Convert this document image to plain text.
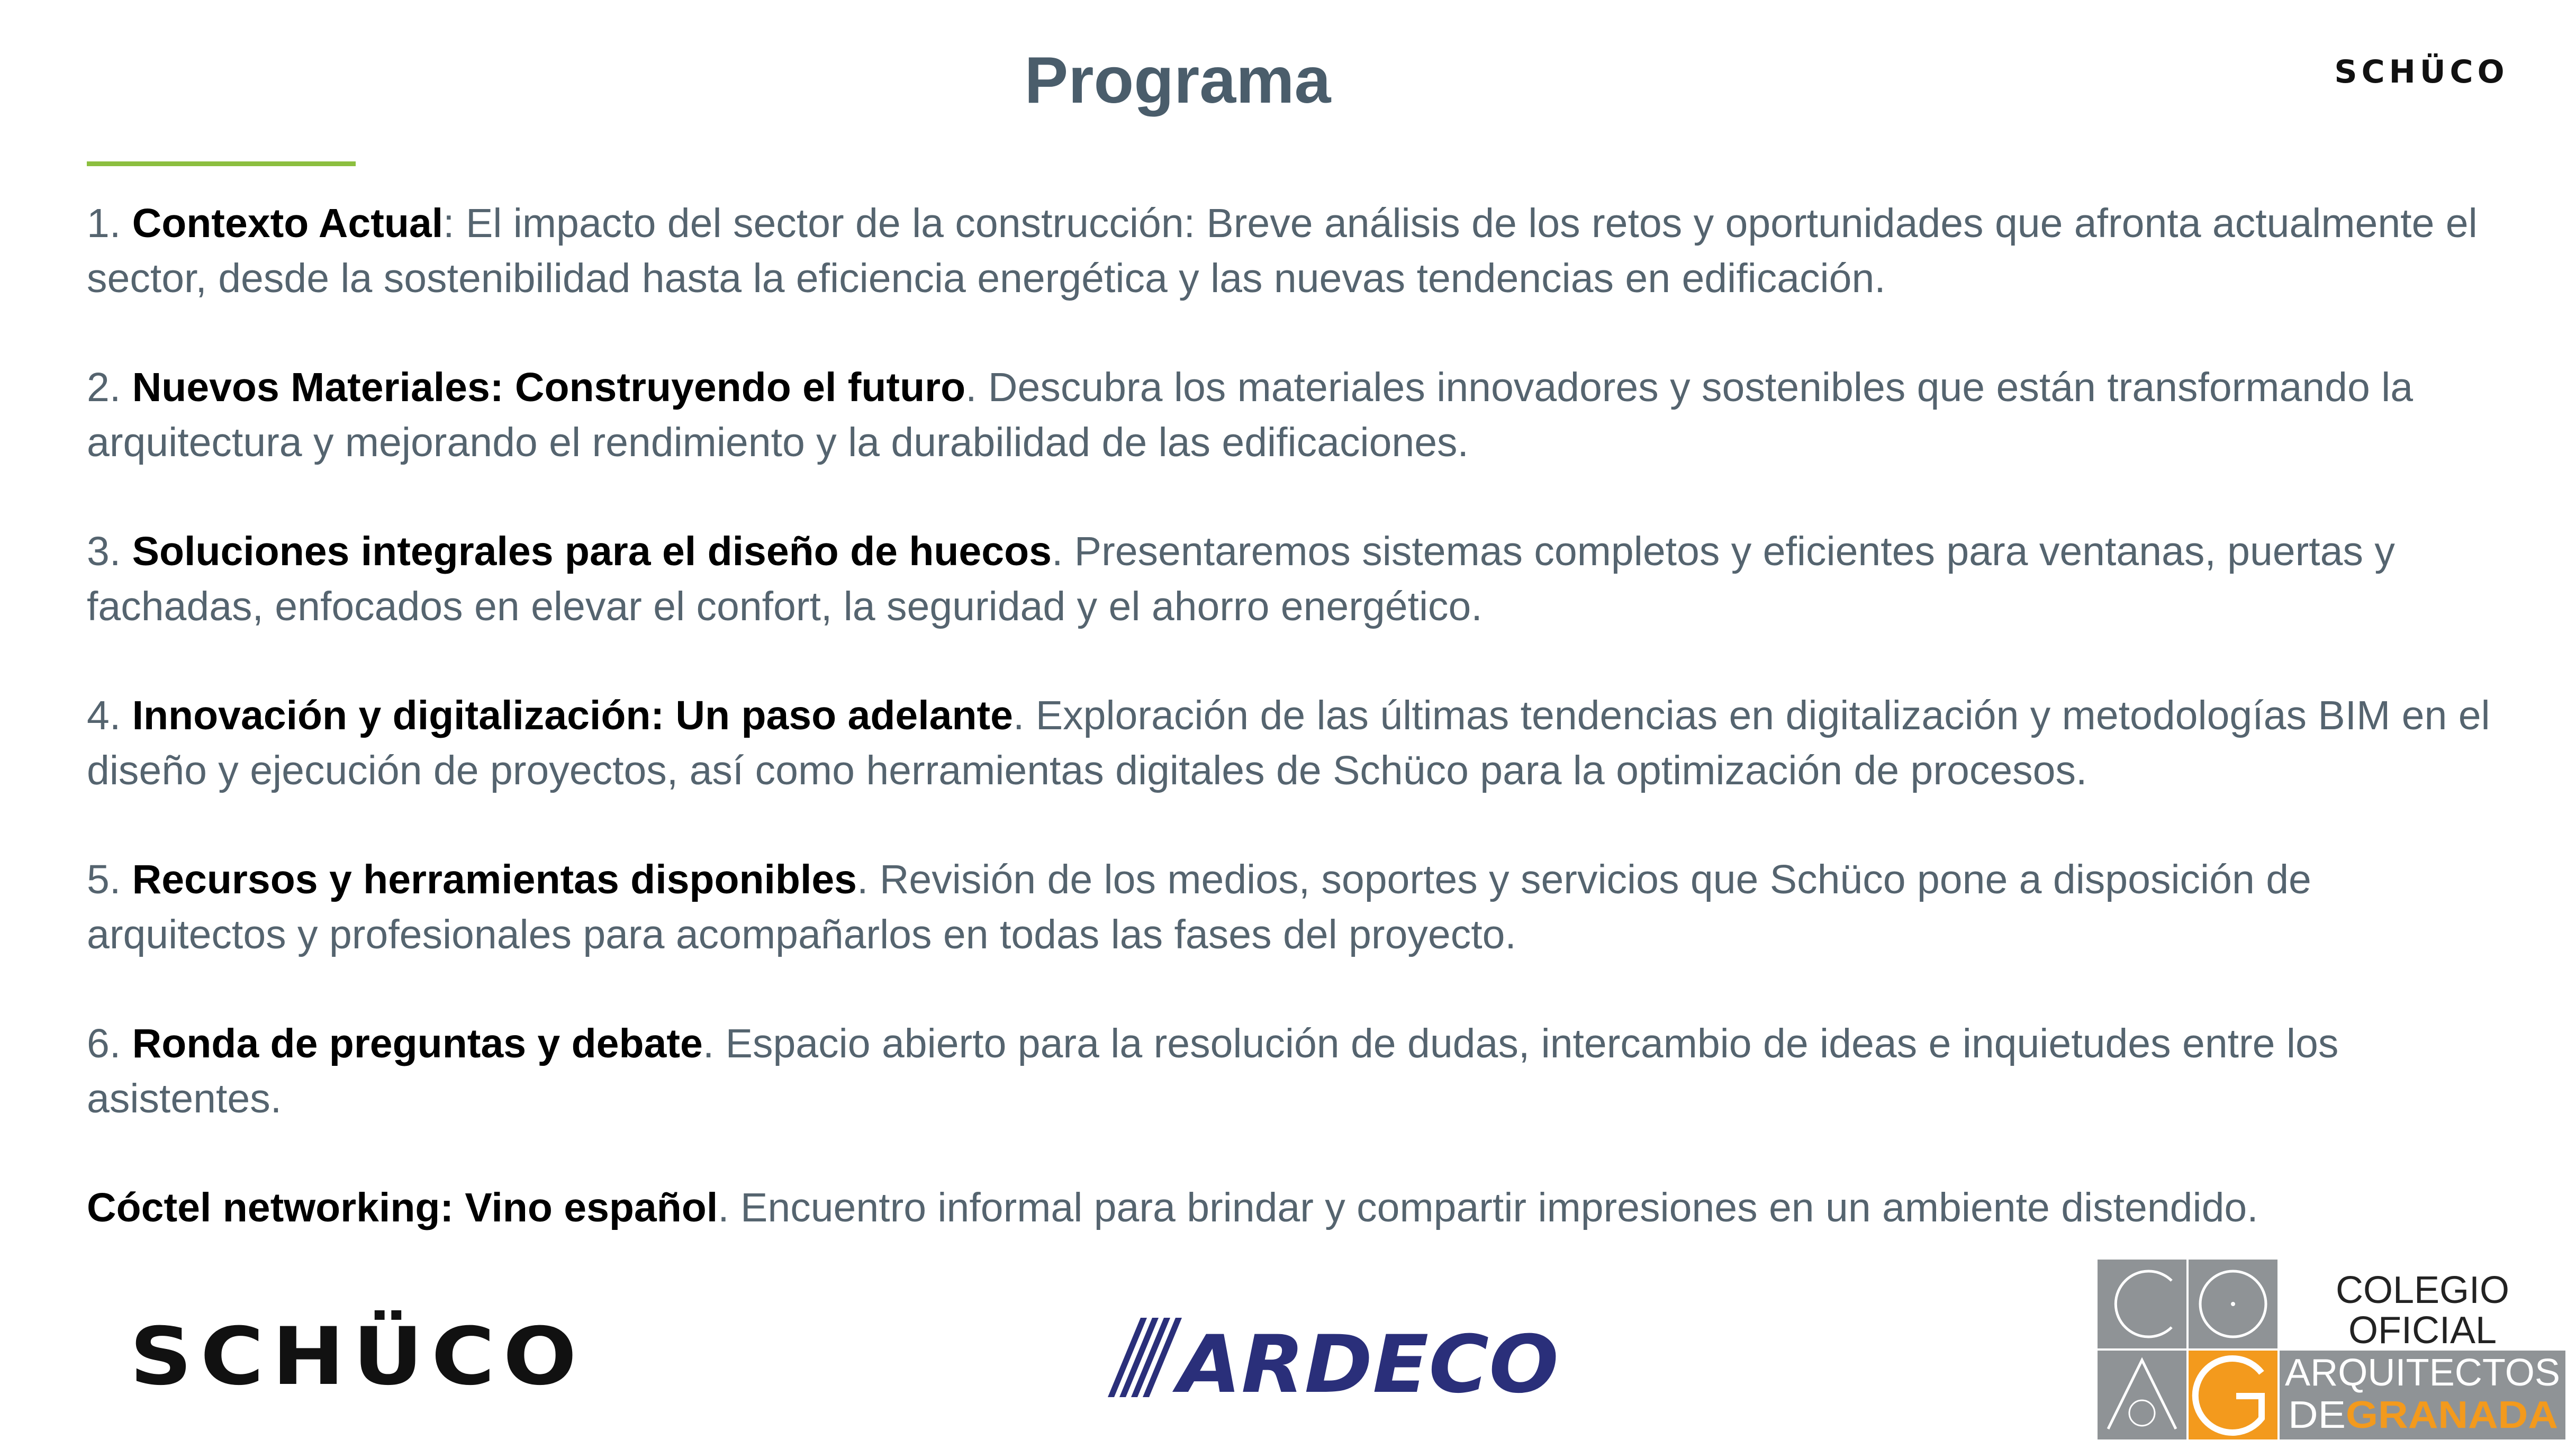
Programa	SCHÜCO

1. Contexto Actual: El impacto del sector de la construcción: Breve análisis de los retos y oportunidades que afronta actualmente el sector, desde la sostenibilidad hasta la eficiencia energética y las nuevas tendencias en edificación.

2. Nuevos Materiales: Construyendo el futuro. Descubra los materiales innovadores y sostenibles que están transformando la arquitectura y mejorando el rendimiento y la durabilidad de las edificaciones.

3. Soluciones integrales para el diseño de huecos. Presentaremos sistemas completos y eficientes para ventanas, puertas y fachadas, enfocados en elevar el confort, la seguridad y el ahorro energético.

4. Innovación y digitalización: Un paso adelante. Exploración de las últimas tendencias en digitalización y metodologías BIM en el diseño y ejecución de proyectos, así como herramientas digitales de Schüco para la optimización de procesos.

5. Recursos y herramientas disponibles. Revisión de los medios, soportes y servicios que Schüco pone a disposición de arquitectos y profesionales para acompañarlos en todas las fases del proyecto.

6. Ronda de preguntas y debate. Espacio abierto para la resolución de dudas, intercambio de ideas e inquietudes entre los asistentes.

Cóctel networking: Vino español. Encuentro informal para brindar y compartir impresiones en un ambiente distendido.

SCHÜCO	ARDECO
COLEGIO
OFICIAL
ARQUITECTOS
DE GRANADA
